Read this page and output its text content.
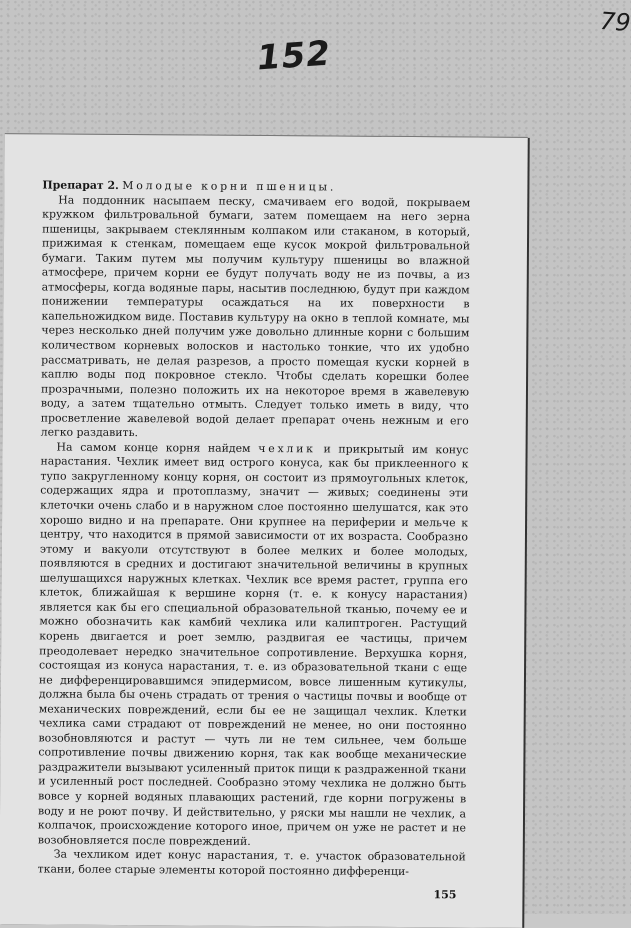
152
79

Препарат 2. Молодые корни пшеницы.

На поддонник насыпаем песку, смачиваем его водой, покрываем кружком фильтровальной бумаги, затем помещаем на него зерна пшеницы, закрываем стеклянным колпаком или стаканом, в который, прижимая к стенкам, помещаем еще кусок мокрой фильтровальной бумаги. Таким путем мы получим культуру пшеницы во влажной атмосфере, причем корни ее будут получать воду не из почвы, а из атмосферы, когда водяные пары, насытив последнюю, будут при каждом понижении температуры осаждаться на их поверхности в капельножидком виде. Поставив культуру на окно в теплой комнате, мы через несколько дней получим уже довольно длинные корни с большим количеством корневых волосков и настолько тонкие, что их удобно рассматривать, не делая разрезов, а просто помещая куски корней в каплю воды под покровное стекло. Чтобы сделать корешки более прозрачными, полезно положить их на некоторое время в жавелевую воду, а затем тщательно отмыть. Следует только иметь в виду, что просветление жавелевой водой делает препарат очень нежным и его легко раздавить.

На самом конце корня найдем чехлик и прикрытый им конус нарастания. Чехлик имеет вид острого конуса, как бы приклеенного к тупо закругленному концу корня, он состоит из прямоугольных клеток, содержащих ядра и протоплазму, значит — живых; соединены эти клеточки очень слабо и в наружном слое постоянно шелушатся, как это хорошо видно и на препарате. Они крупнее на периферии и мельче к центру, что находится в прямой зависимости от их возраста. Сообразно этому и вакуоли отсутствуют в более мелких и более молодых, появляются в средних и достигают значительной величины в крупных шелушащихся наружных клетках. Чехлик все время растет, группа его клеток, ближайшая к вершине корня (т. е. к конусу нарастания) является как бы его специальной образовательной тканью, почему ее и можно обозначить как камбий чехлика или калиптроген. Растущий корень двигается и роет землю, раздвигая ее частицы, причем преодолевает нередко значительное сопротивление. Верхушка корня, состоящая из конуса нарастания, т. е. из образовательной ткани с еще не дифференцировавшимся эпидермисом, вовсе лишенным кутикулы, должна была бы очень страдать от трения о частицы почвы и вообще от механических повреждений, если бы ее не защищал чехлик. Клетки чехлика сами страдают от повреждений не менее, но они постоянно возобновляются и растут — чуть ли не тем сильнее, чем больше сопротивление почвы движению корня, так как вообще механические раздражители вызывают усиленный приток пищи к раздраженной ткани и усиленный рост последней. Сообразно этому чехлика не должно быть вовсе у корней водяных плавающих растений, где корни погружены в воду и не роют почву. И действительно, у ряски мы нашли не чехлик, а колпачок, происхождение которого иное, причем он уже не растет и не возобновляется после повреждений.

За чехликом идет конус нарастания, т. е. участок образовательной ткани, более старые элементы которой постоянно дифференци-

155
